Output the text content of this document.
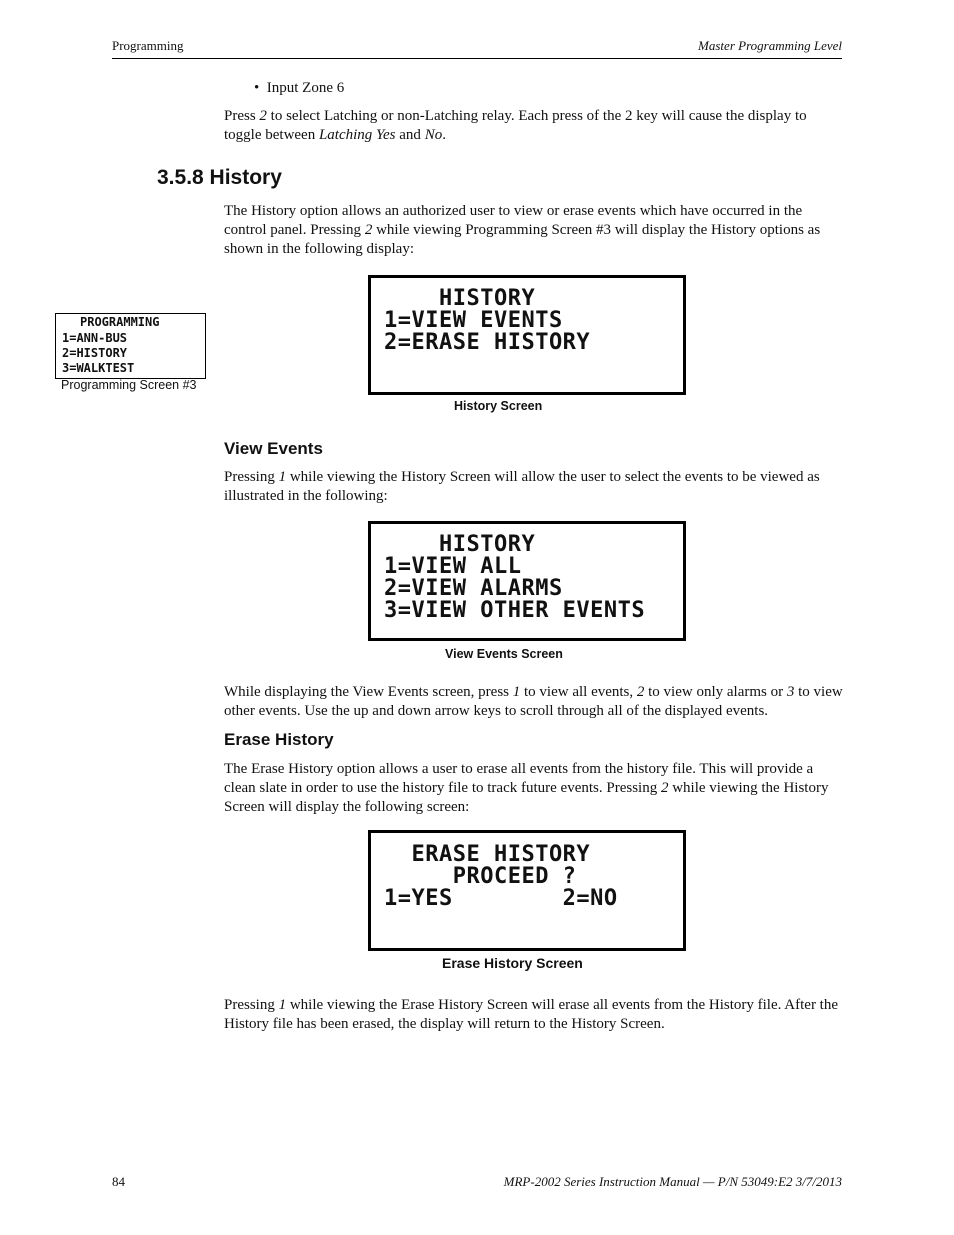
Programming	Master Programming Level
•  Input Zone 6
Press 2 to select Latching or non-Latching relay. Each press of the 2 key will cause the display to toggle between Latching Yes and No.
3.5.8 History
The History option allows an authorized user to view or erase events which have occurred in the control panel. Pressing 2 while viewing Programming Screen #3 will display the History options as shown in the following display:
PROGRAMMING
1=ANN-BUS
2=HISTORY
3=WALKTEST
Programming Screen #3
HISTORY
1=VIEW EVENTS
2=ERASE HISTORY
History Screen
View Events
Pressing 1 while viewing the History Screen will allow the user to select the events to be viewed as illustrated in the following:
HISTORY
1=VIEW ALL
2=VIEW ALARMS
3=VIEW OTHER EVENTS
View Events Screen
While displaying the View Events screen, press 1 to view all events, 2 to view only alarms or 3 to view other events. Use the up and down arrow keys to scroll through all of the displayed events.
Erase History
The Erase History option allows a user to erase all events from the history file. This will provide a clean slate in order to use the history file to track future events. Pressing 2 while viewing the History Screen will display the following screen:
ERASE HISTORY
PROCEED ?
1=YES        2=NO
Erase History Screen
Pressing 1 while viewing the Erase History Screen will erase all events from the History file. After the History file has been erased, the display will return to the History Screen.
84	MRP-2002 Series Instruction Manual — P/N 53049:E2 3/7/2013
